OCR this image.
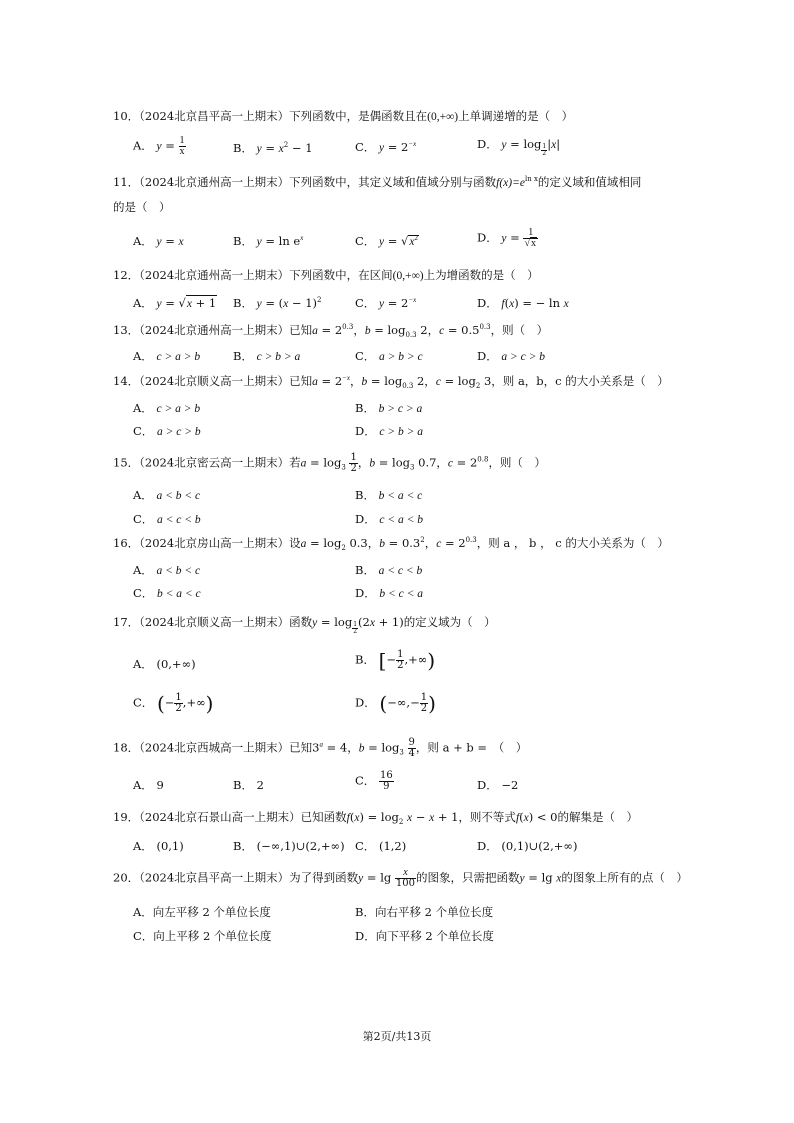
10．（2024北京昌平高一上期末）下列函数中，是偶函数且在(0,+∞)上单调递增的是（　）
A． $y = \frac{1}{x}$	B． $y = x^2 - 1$	C． $y = 2^{-x}$	D． $y = \log \frac{1}{2} |x|$
11．（2024北京通州高一上期末）下列函数中，其定义域和值域分别与函数$f(x)=e^{ln x}$的定义域和值域相同
的是（　）
A． y = x	B． $y = \ln e^x$	C． $y = √x^2$	D． $y = \frac{1}{√x}$
12．（2024北京通州高一上期末）下列函数中，在区间(0,+∞)上为增函数的是（　）
A． y = √x + 1 B． $y = (x - 1)^2$	C． $y = 2^{-x}$	D． f(x) = − ln x
13．（2024北京通州高一上期末）已知$a = 2^{0.3}$，$b = \log_{0.3} 2$，$c = 0.5^{0.3}$，则（　）
A． c > a > b	B． c > b > a	C． a > b > c	D． a > c > b
14．（2024北京顺义高一上期末）已知$a = 2^{-x}$，$b = \log_{0.3} 2$，$c = \log_2 3$，则 a，b，c 的大小关系是（　）
A． c > a > b	B． b > c > a
C． a > c > b	D． c > b > a
15．（2024北京密云高一上期末）若$a = \log_3 \frac{1}{2}$ ，$b = \log_3 0.7$，$c = 2^{0.8}$，则（　）
A． a < b < c	B． b < a < c
C． a < c < b	D． c < a < b
16．（2024北京房山高一上期末）设$a = \log_2 0.3$，$b = 0.3^2$，$c = 2^{0.3}$，则 a ， b ， c 的大小关系为（　）
A． a < b < c	B． a < c < b
C． b < a < c	D． b < c < a
17．（2024北京顺义高一上期末）函数$y = \log \frac{1}{2} (2x + 1)$的定义域为（　）
A． (0,+∞)	B． [− $\frac{1}{2}$ ,+∞)
C． (− $\frac{1}{2}$ ,+∞)	D． (−∞,− $\frac{1}{2}$ )
18．（2024北京西城高一上期末）已知$3^a = 4$，$b = \log_3 \frac{9}{4}$ ，则 a + b =　（　）
A． 9	B． 2	C． $\frac{16}{9}$	D． −2
19．（2024北京石景山高一上期末）已知函数$f(x) = \log_2 x - x + 1$，则不等式f(x) < 0的解集是（　）
A． (0,1)	B． (−∞,1)∪(2,+∞) C． (1,2)	D． (0,1)∪(2,+∞)
20．（2024北京昌平高一上期末）为了得到函数$y = \lg \frac{x}{100}$ 的图象，只需把函数y = lg x的图象上所有的点（　）
A．向左平移 2 个单位长度	B．向右平移 2 个单位长度
C．向上平移 2 个单位长度	D．向下平移 2 个单位长度
第2页/共13页
